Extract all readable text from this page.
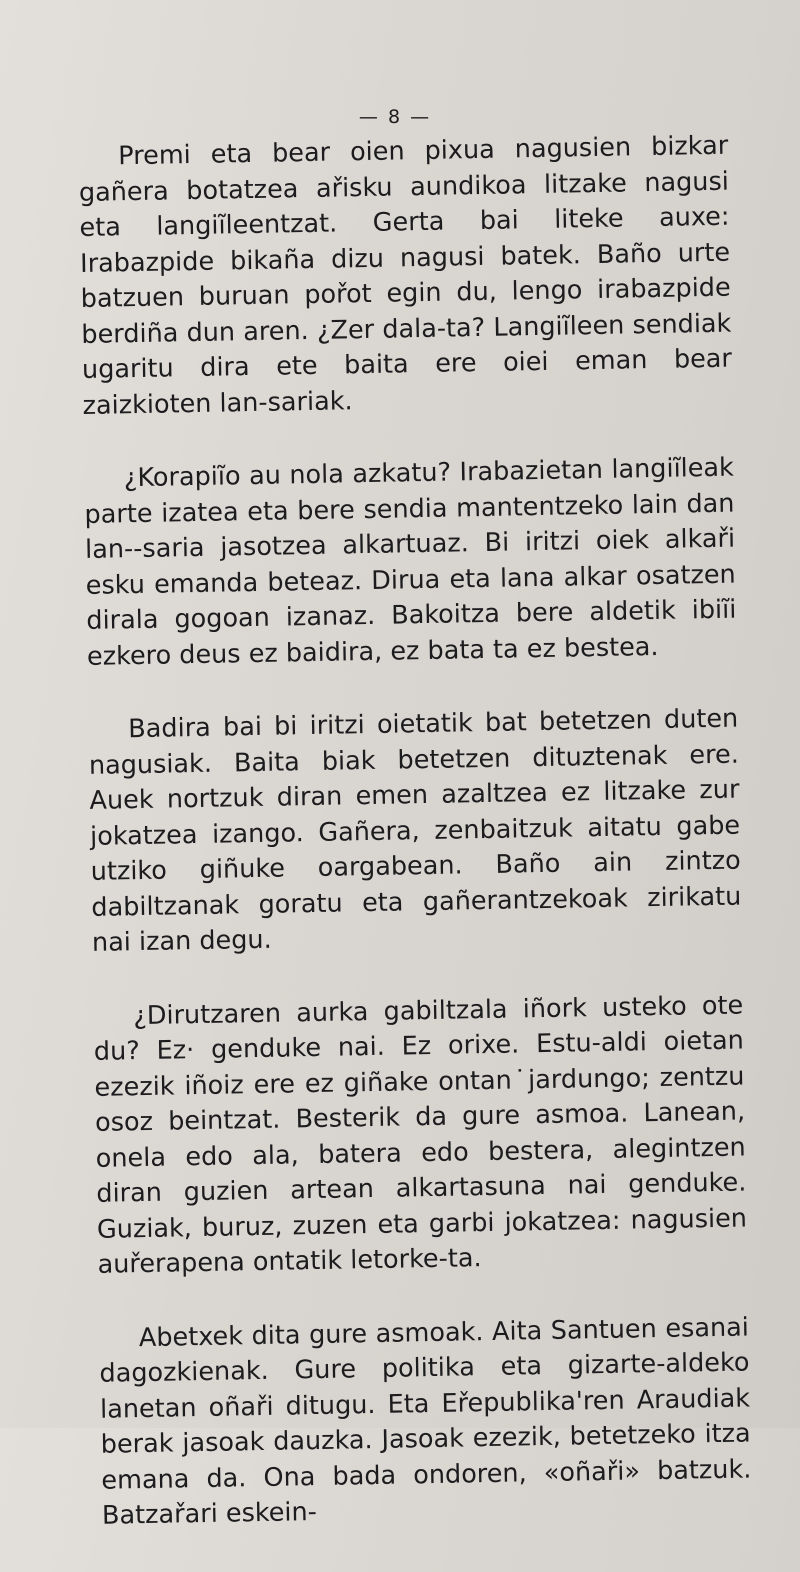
— 8 —

Premi eta bear oien pixua nagusien bizkar gañera botatzea ařisku aundikoa litzake nagusi eta langiĩleentzat. Gerta bai liteke auxe: Irabazpide bikaña dizu nagusi batek. Baño urte batzuen buruan pořot egin du, lengo irabazpide berdiña dun aren. ¿Zer dala-ta? Langiĩleen sendiak ugaritu dira ete baita ere oiei eman bear zaizkioten lan-sariak.

¿Korapiĩo au nola azkatu? Irabazietan langiĩleak parte izatea eta bere sendia mantentzeko lain dan lan--saria jasotzea alkartuaz. Bi iritzi oiek alkaři esku emanda beteaz. Dirua eta lana alkar osatzen dirala gogoan izanaz. Bakoitza bere aldetik ibiĩi ezkero deus ez baidira, ez bata ta ez bestea.

Badira bai bi iritzi oietatik bat betetzen duten nagusiak. Baita biak betetzen dituztenak ere. Auek nortzuk diran emen azaltzea ez litzake zur jokatzea izango. Gañera, zenbaitzuk aitatu gabe utziko giñuke oargabean. Baño ain zintzo dabiltzanak goratu eta gañerantzekoak zirikatu nai izan degu.

¿Dirutzaren aurka gabiltzala iñork usteko ote du? Ez· genduke nai. Ez orixe. Estu-aldi oietan ezezik iñoiz ere ez giñake ontan˙jardungo; zentzu osoz beintzat. Besterik da gure asmoa. Lanean, onela edo ala, batera edo bestera, alegintzen diran guzien artean alkartasuna nai genduke. Guziak, buruz, zuzen eta garbi jokatzea: nagusien auřerapena ontatik letorke-ta.

Abetxek dita gure asmoak. Aita Santuen esanai dagozkienak. Gure politika eta gizarte-aldeko lanetan oñaři ditugu. Eta Eřepublika'ren Araudiak berak jasoak dauzka. Jasoak ezezik, betetzeko itza emana da. Ona bada ondoren, «oñaři» batzuk. Batzařari eskein-
